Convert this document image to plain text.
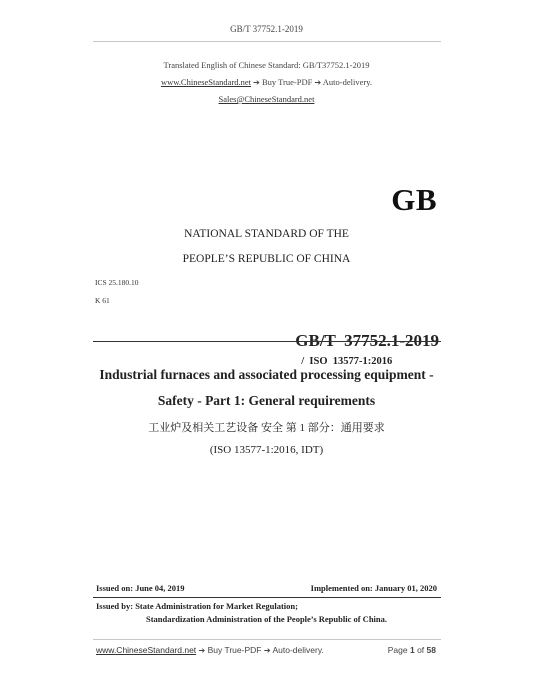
GB/T 37752.1-2019
Translated English of Chinese Standard: GB/T37752.1-2019
www.ChineseStandard.net ➔ Buy True-PDF ➔ Auto-delivery.
Sales@ChineseStandard.net
GB
NATIONAL STANDARD OF THE
PEOPLE’S REPUBLIC OF CHINA
ICS 25.180.10
K 61

GB/T  37752.1-2019
/  ISO  13577-1:2016

Industrial furnaces and associated processing equipment -
Safety - Part 1: General requirements
工业炉及相关工艺设备 安全 第 1 部分：通用要求
(ISO 13577-1:2016, IDT)
Issued on: June 04, 2019	Implemented on: January 01, 2020
Issued by: State Administration for Market Regulation;
Standardization Administration of the People’s Republic of China.
www.ChineseStandard.net ➔ Buy True-PDF ➔ Auto-delivery.	Page 1 of 58
